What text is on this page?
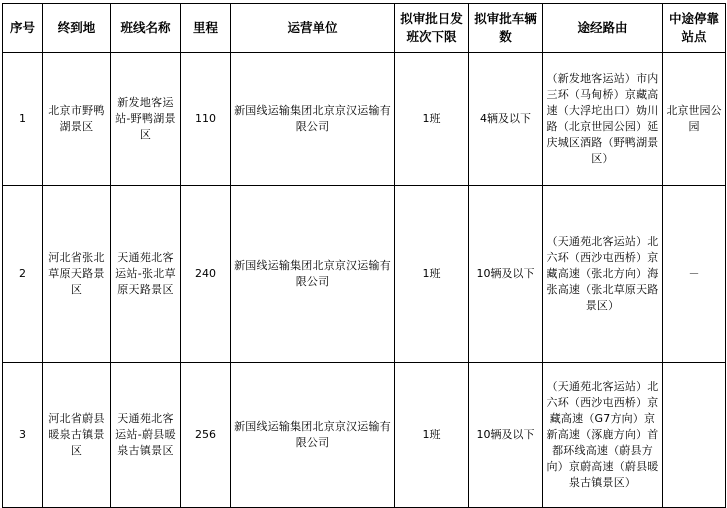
序号	终到地	班线名称	里程	运营单位	拟审批日发班次下限	拟审批车辆数	途经路由	中途停靠站点
1	北京市野鸭湖景区	新发地客运站-野鸭湖景区	110	新国线运输集团北京京汉运输有限公司	1班	4辆及以下	（新发地客运站）市内三环（马甸桥）京藏高速（大浮坨出口）妫川路（北京世园公园）延庆城区酒路（野鸭湖景区）	北京世园公园
2	河北省张北草原天路景区	天通苑北客运站-张北草原天路景区	240	新国线运输集团北京京汉运输有限公司	1班	10辆及以下	（天通苑北客运站）北六环（西沙屯西桥）京藏高速（张北方向）海张高速（张北草原天路景区）	－
3	河北省蔚县暖泉古镇景区	天通苑北客运站-蔚县暖泉古镇景区	256	新国线运输集团北京京汉运输有限公司	1班	10辆及以下	（天通苑北客运站）北六环（西沙屯西桥）京藏高速（G7方向）京新高速（涿鹿方向）首都环线高速（蔚县方向）京蔚高速（蔚县暖泉古镇景区）	
